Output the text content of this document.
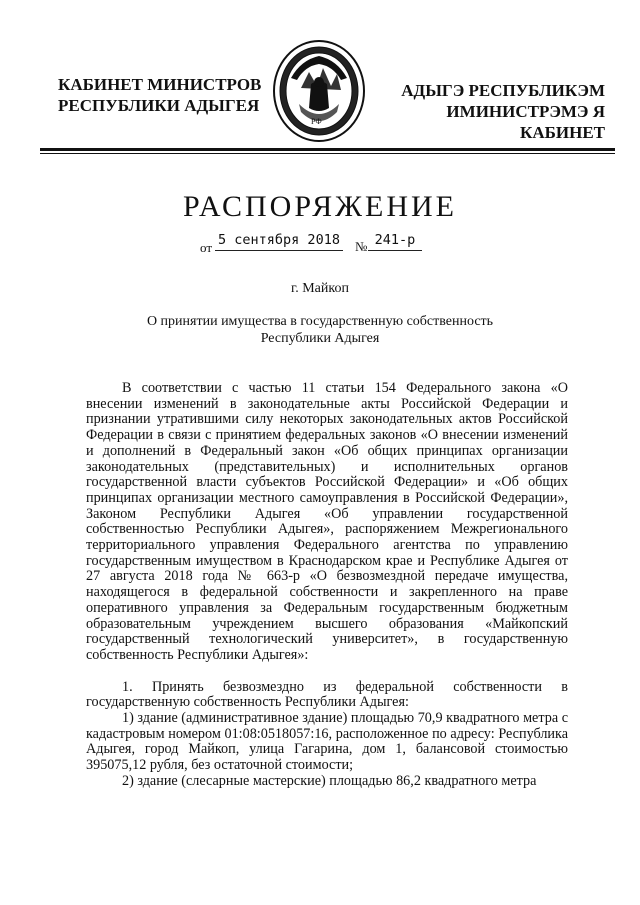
КАБИНЕТ МИНИСТРОВ
РЕСПУБЛИКИ АДЫГЕЯ
РФ
АДЫГЭ РЕСПУБЛИКЭМ
ИМИНИСТРЭМЭ Я КАБИНЕТ
РАСПОРЯЖЕНИЕ
от 5 сентября 2018 № 241-р
г. Майкоп
О принятии имущества в государственную собственность
Республики Адыгея

В соответствии с частью 11 статьи 154 Федерального закона «О внесении изменений в законодательные акты Российской Федерации и признании утратившими силу некоторых законодательных актов Российской Федерации в связи с принятием федеральных законов «О внесении изменений и дополнений в Федеральный закон «Об общих принципах организации законодательных (представительных) и исполнительных органов государственной власти субъектов Российской Федерации» и «Об общих принципах организации местного самоуправления в Российской Федерации», Законом Республики Адыгея «Об управлении государственной собственностью Республики Адыгея», распоряжением Межрегионального территориального управления Федерального агентства по управлению государственным имуществом в Краснодарском крае и Республике Адыгея от 27 августа 2018 года № 663-р «О безвозмездной передаче имущества, находящегося в федеральной собственности и закрепленного на праве оперативного управления за Федеральным государственным бюджетным образовательным учреждением высшего образования «Майкопский государственный технологический университет», в государственную собственность Республики Адыгея»:

1. Принять безвозмездно из федеральной собственности в государственную собственность Республики Адыгея:

1) здание (административное здание) площадью 70,9 квадратного метра с кадастровым номером 01:08:0518057:16, расположенное по адресу: Республика Адыгея, город Майкоп, улица Гагарина, дом 1, балансовой стоимостью 395075,12 рубля, без остаточной стоимости;

2) здание (слесарные мастерские) площадью 86,2 квадратного метра
